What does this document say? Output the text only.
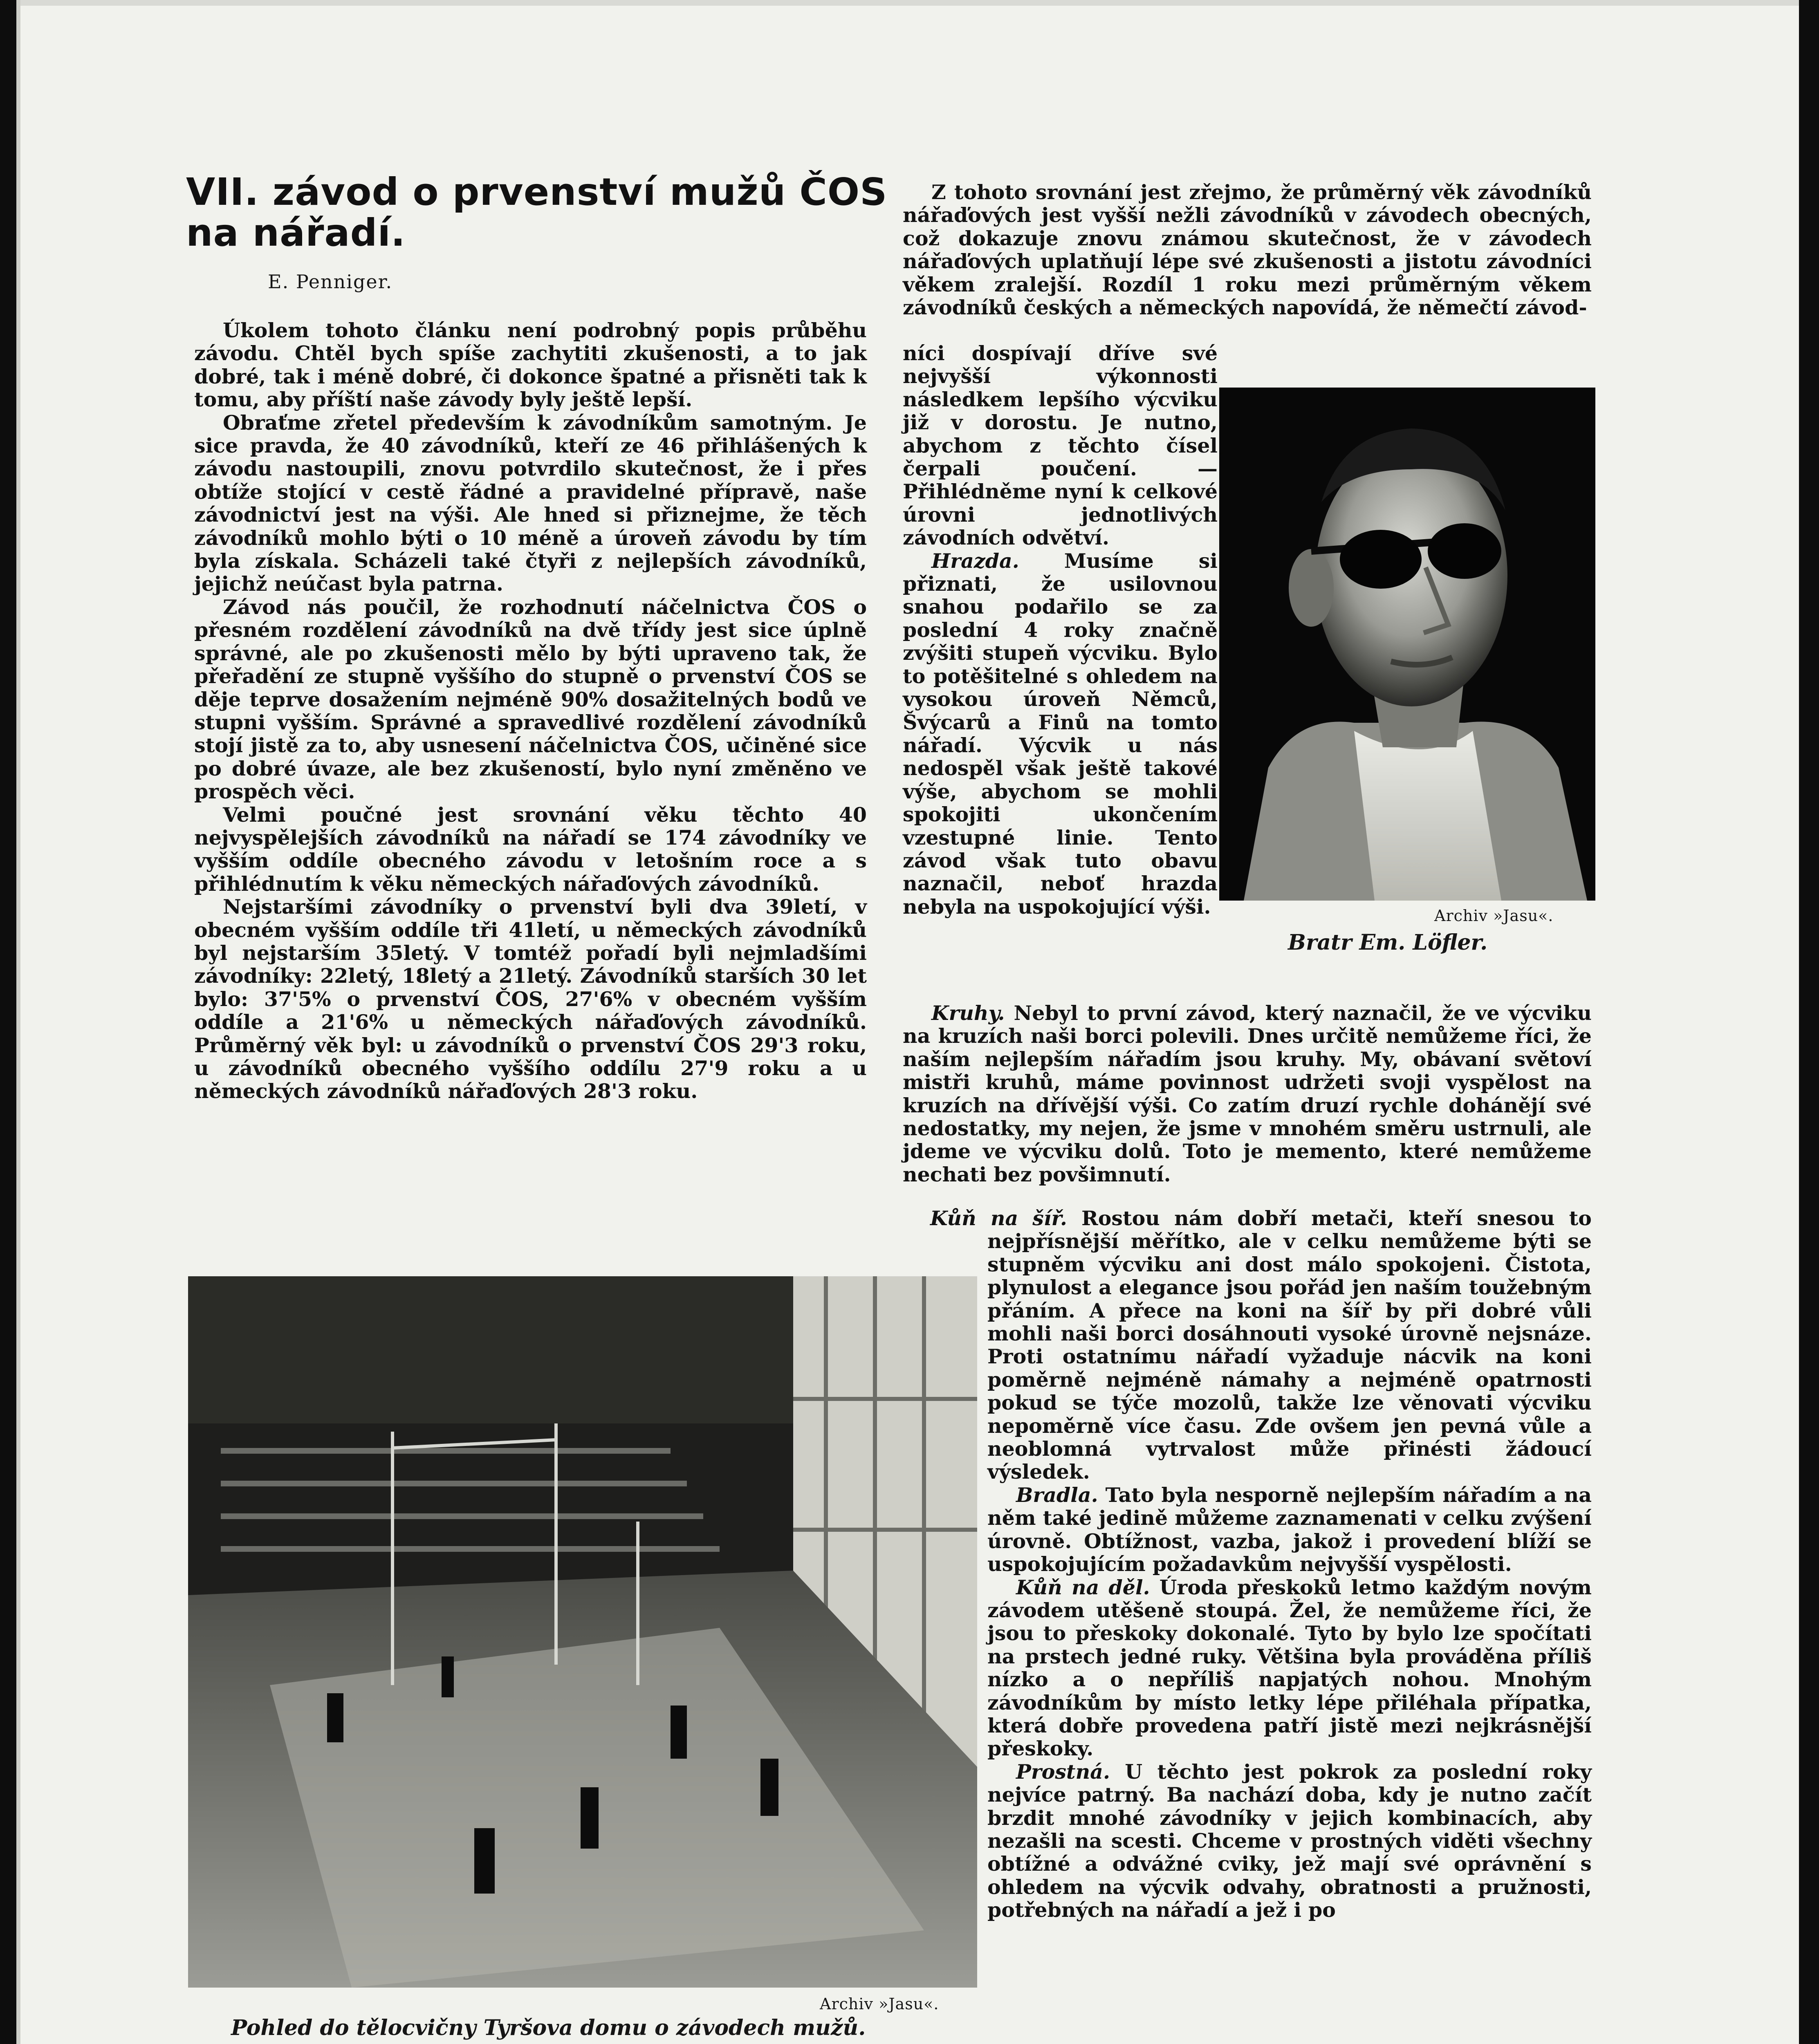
VII. závod o prvenství mužů ČOS na nářadí.

E. Penniger.

Úkolem tohoto článku není podrobný popis průběhu závodu. Chtěl bych spíše zachytiti zkušenosti, a to jak dobré, tak i méně dobré, či dokonce špatné a přisněti tak k tomu, aby příští naše závody byly ještě lepší.

Obraťme zřetel především k závodníkům samotným. Je sice pravda, že 40 závodníků, kteří ze 46 přihlášených k závodu nastoupili, znovu potvrdilo skutečnost, že i přes obtíže stojící v cestě řádné a pravidelné přípravě, naše závodnictví jest na výši. Ale hned si přiznejme, že těch závodníků mohlo býti o 10 méně a úroveň závodu by tím byla získala. Scházeli také čtyři z nejlepších závodníků, jejichž neúčast byla patrna.

Závod nás poučil, že rozhodnutí náčelnictva ČOS o přesném rozdělení závodníků na dvě třídy jest sice úplně správné, ale po zkušenosti mělo by býti upraveno tak, že přeřadění ze stupně vyššího do stupně o prvenství ČOS se děje teprve dosažením nejméně 90% dosažitelných bodů ve stupni vyšším. Správné a spravedlivé rozdělení závodníků stojí jistě za to, aby usnesení náčelnictva ČOS, učiněné sice po dobré úvaze, ale bez zkušeností, bylo nyní změněno ve prospěch věci.

Velmi poučné jest srovnání věku těchto 40 nejvyspělejších závodníků na nářadí se 174 závodníky ve vyšším oddíle obecného závodu v letošním roce a s přihlédnutím k věku německých nářaďových závodníků.

Nejstaršími závodníky o prvenství byli dva 39letí, v obecném vyšším oddíle tři 41letí, u německých závodníků byl nejstarším 35letý. V tomtéž pořadí byli nejmladšími závodníky: 22letý, 18letý a 21letý. Závodníků starších 30 let bylo: 37'5% o prvenství ČOS, 27'6% v obecném vyšším oddíle a 21'6% u německých nářaďových závodníků. Průměrný věk byl: u závodníků o prvenství ČOS 29'3 roku, u závodníků obecného vyššího oddílu 27'9 roku a u německých závodníků nářaďových 28'3 roku.

Z tohoto srovnání jest zřejmo, že průměrný věk závodníků nářaďových jest vyšší nežli závodníků v závodech obecných, což dokazuje znovu známou skutečnost, že v závodech nářaďových uplatňují lépe své zkušenosti a jistotu závodníci věkem zralejší. Rozdíl 1 roku mezi průměrným věkem závodníků českých a německých napovídá, že němečtí závod-

níci dospívají dříve své nejvyšší výkonnosti následkem lepšího výcviku již v dorostu. Je nutno, abychom z těchto čísel čerpali poučení. — Přihlédněme nyní k celkové úrovni jednotlivých závodních odvětví.

Hrazda. Musíme si přiznati, že usilovnou snahou podařilo se za poslední 4 roky značně zvýšiti stupeň výcviku. Bylo to potěšitelné s ohledem na vysokou úroveň Němců, Švýcarů a Finů na tomto nářadí. Výcvik u nás nedospěl však ještě takové výše, abychom se mohli spokojiti ukončením vzestupné linie. Tento závod však tuto obavu naznačil, neboť hrazda nebyla na uspokojující výši.

Kruhy. Nebyl to první závod, který naznačil, že ve výcviku na kruzích naši borci polevili. Dnes určitě nemůžeme říci, že naším nejlepším nářadím jsou kruhy. My, obávaní světoví mistři kruhů, máme povinnost udržeti svoji vyspělost na kruzích na dřívější výši. Co zatím druzí rychle dohánějí své nedostatky, my nejen, že jsme v mnohém směru ustrnuli, ale jdeme ve výcviku dolů. Toto je memento, které nemůžeme nechati bez povšimnutí.

Kůň na šíř. Rostou nám dobří metači, kteří snesou to nejpřísnější měřítko, ale v celku nemůžeme býti se stupněm výcviku ani dost málo spokojeni. Čistota, plynulost a elegance jsou pořád jen naším toužebným přáním. A přece na koni na šíř by při dobré vůli mohli naši borci dosáhnouti vysoké úrovně nejsnáze. Proti ostatnímu nářadí vyžaduje nácvik na koni poměrně nejméně námahy a nejméně opatrnosti pokud se týče mozolů, takže lze věnovati výcviku nepoměrně více času. Zde ovšem jen pevná vůle a neoblomná vytrvalost může přinésti žádoucí výsledek.

Bradla. Tato byla nesporně nejlepším nářadím a na něm také jedině můžeme zaznamenati v celku zvýšení úrovně. Obtížnost, vazba, jakož i provedení blíží se uspokojujícím požadavkům nejvyšší vyspělosti.

Kůň na děl. Úroda přeskoků letmo každým novým závodem utěšeně stoupá. Žel, že nemůžeme říci, že jsou to přeskoky dokonalé. Tyto by bylo lze spočítati na prstech jedné ruky. Většina byla prováděna příliš nízko a o nepříliš napjatých nohou. Mnohým závodníkům by místo letky lépe přiléhala přípatka, která dobře provedena patří jistě mezi nejkrásnější přeskoky.

Prostná. U těchto jest pokrok za poslední roky nejvíce patrný. Ba nachází doba, kdy je nutno začít brzdit mnohé závodníky v jejich kombinacích, aby nezašli na scesti. Chceme v prostných viděti všechny obtížné a odvážné cviky, jež mají své oprávnění s ohledem na výcvik odvahy, obratnosti a pružnosti, potřebných na nářadí a jež i po

Archiv »Jasu«.

Bratr Em. Löfler.

Archiv »Jasu«.

Pohled do tělocvičny Tyršova domu o závodech mužů.
